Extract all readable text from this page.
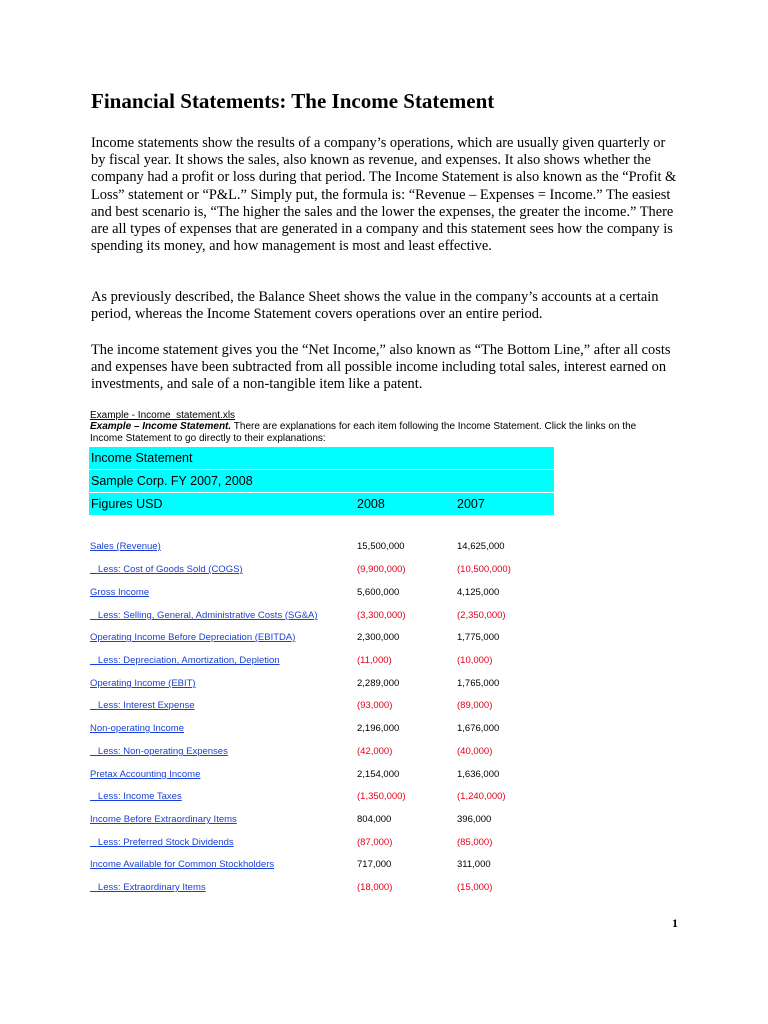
Financial Statements: The Income Statement

Income statements show the results of a company’s operations, which are usually given quarterly or by fiscal year. It shows the sales, also known as revenue, and expenses. It also shows whether the company had a profit or loss during that period. The Income Statement is also known as the “Profit & Loss” statement or “P&L.” Simply put, the formula is: “Revenue – Expenses = Income.” The easiest and best scenario is, “The higher the sales and the lower the expenses, the greater the income.” There are all types of expenses that are generated in a company and this statement sees how the company is spending its money, and how management is most and least effective.

As previously described, the Balance Sheet shows the value in the company’s accounts at a certain period, whereas the Income Statement covers operations over an entire period.

The income statement gives you the “Net Income,” also known as “The Bottom Line,” after all costs and expenses have been subtracted from all possible income including total sales, interest earned on investments, and sale of a non-tangible item like a patent.

Example - Income_statement.xls
Example – Income Statement. There are explanations for each item following the Income Statement. Click the links on the Income Statement to go directly to their explanations:
Income Statement
Sample Corp. FY 2007, 2008
Figures USD	2008	2007
Sales (Revenue)	15,500,000	14,625,000
Less: Cost of Goods Sold (COGS)	(9,900,000)	(10,500,000)
Gross Income	5,600,000	4,125,000
Less: Selling, General, Administrative Costs (SG&A)	(3,300,000)	(2,350,000)
Operating Income Before Depreciation (EBITDA)	2,300,000	1,775,000
Less: Depreciation, Amortization, Depletion	(11,000)	(10,000)
Operating Income (EBIT)	2,289,000	1,765,000
Less: Interest Expense	(93,000)	(89,000)
Non-operating Income	2,196,000	1,676,000
Less: Non-operating Expenses	(42,000)	(40,000)
Pretax Accounting Income	2,154,000	1,636,000
Less: Income Taxes	(1,350,000)	(1,240,000)
Income Before Extraordinary Items	804,000	396,000
Less: Preferred Stock Dividends	(87,000)	(85,000)
Income Available for Common Stockholders	717,000	311,000
Less: Extraordinary Items	(18,000)	(15,000)
1
